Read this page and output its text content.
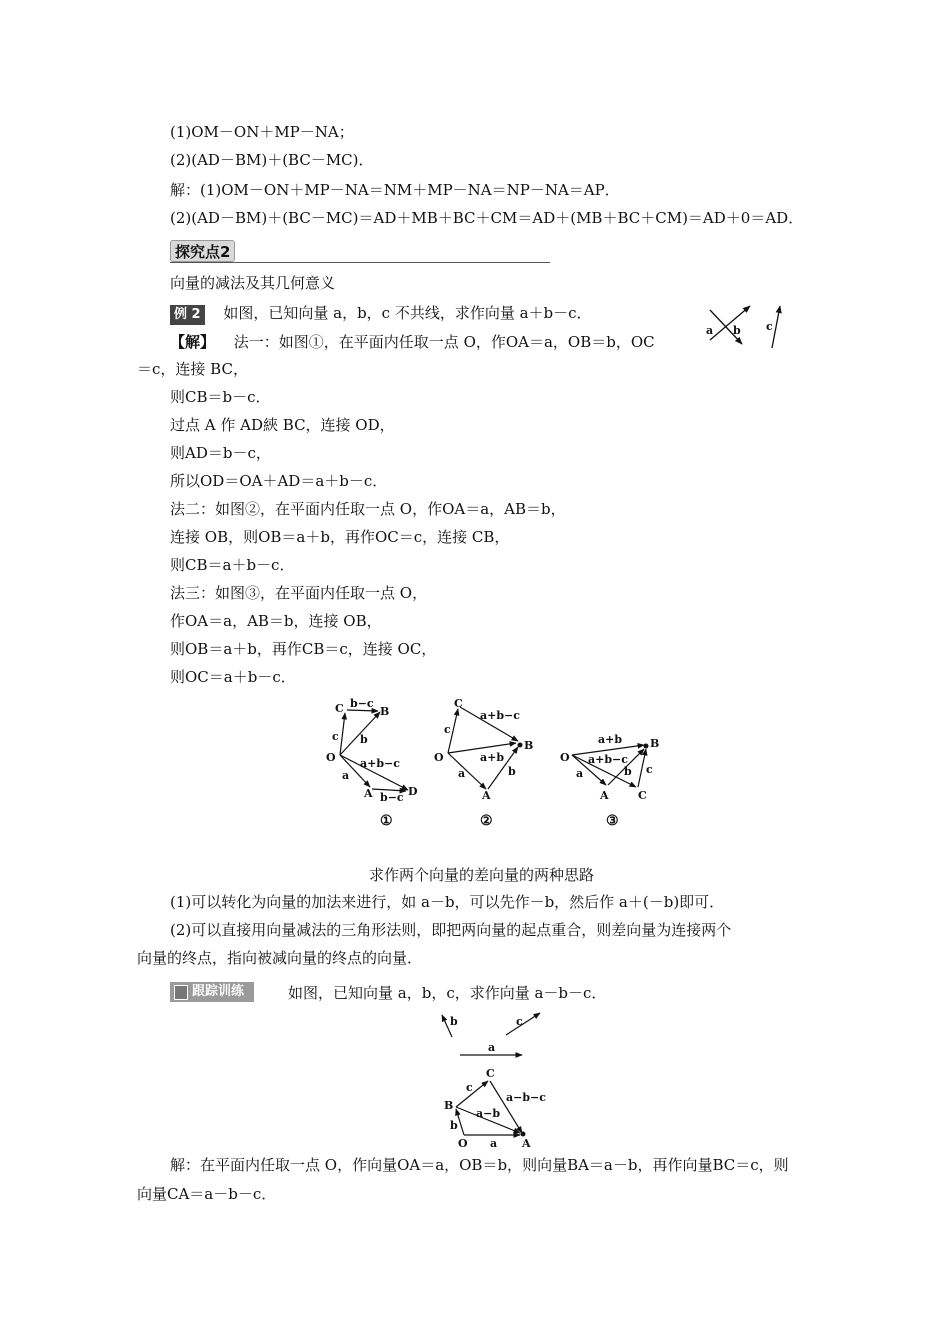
(1)OM－ON＋MP－NA；
(2)(AD－BM)＋(BC－MC)．
解：(1)OM－ON＋MP－NA＝NM＋MP－NA＝NP－NA＝AP．
(2)(AD－BM)＋(BC－MC)＝AD＋MB＋BC＋CM＝AD＋(MB＋BC＋CM)＝AD＋0＝AD．
探究点2
向量的减法及其几何意义
例 2 如图，已知向量 a，b，c 不共线，求作向量 a＋b－c．
a b c
【解】 法一：如图①，在平面内任取一点 O，作OA＝a，OB＝b，OC
＝c，连接 BC，
则CB＝b－c．
过点 A 作 AD綊 BC，连接 OD，
则AD＝b－c，
所以OD＝OA＋AD＝a＋b－c．
法二：如图②，在平面内任取一点 O，作OA＝a，AB＝b，
连接 OB，则OB＝a＋b，再作OC＝c，连接 CB，
则CB＝a＋b－c．
法三：如图③，在平面内任取一点 O，
作OA＝a，AB＝b，连接 OB，
则OB＝a＋b，再作CB＝c，连接 OC，
则OC＝a＋b－c．
C b−c
B
c b
O a+b−c
a
A b−c D
C
a+b−c
c
B
a+b
O
a	b
A
O
a+b	B
a+b−c
a	b c
A	C
①	②	③
求作两个向量的差向量的两种思路
(1)可以转化为向量的加法来进行，如 a－b，可以先作－b，然后作 a＋(－b)即可．
(2)可以直接用向量减法的三角形法则，即把两向量的起点重合，则差向量为连接两个
向量的终点，指向被减向量的终点的向量．
跟踪训练	如图，已知向量 a，b，c，求作向量 a－b－c．
b	c
a
C
c
a−b−c
B
a−b
b
O a A
解：在平面内任取一点 O，作向量OA＝a，OB＝b，则向量BA＝a－b，再作向量BC＝c，则
向量CA＝a－b－c．
